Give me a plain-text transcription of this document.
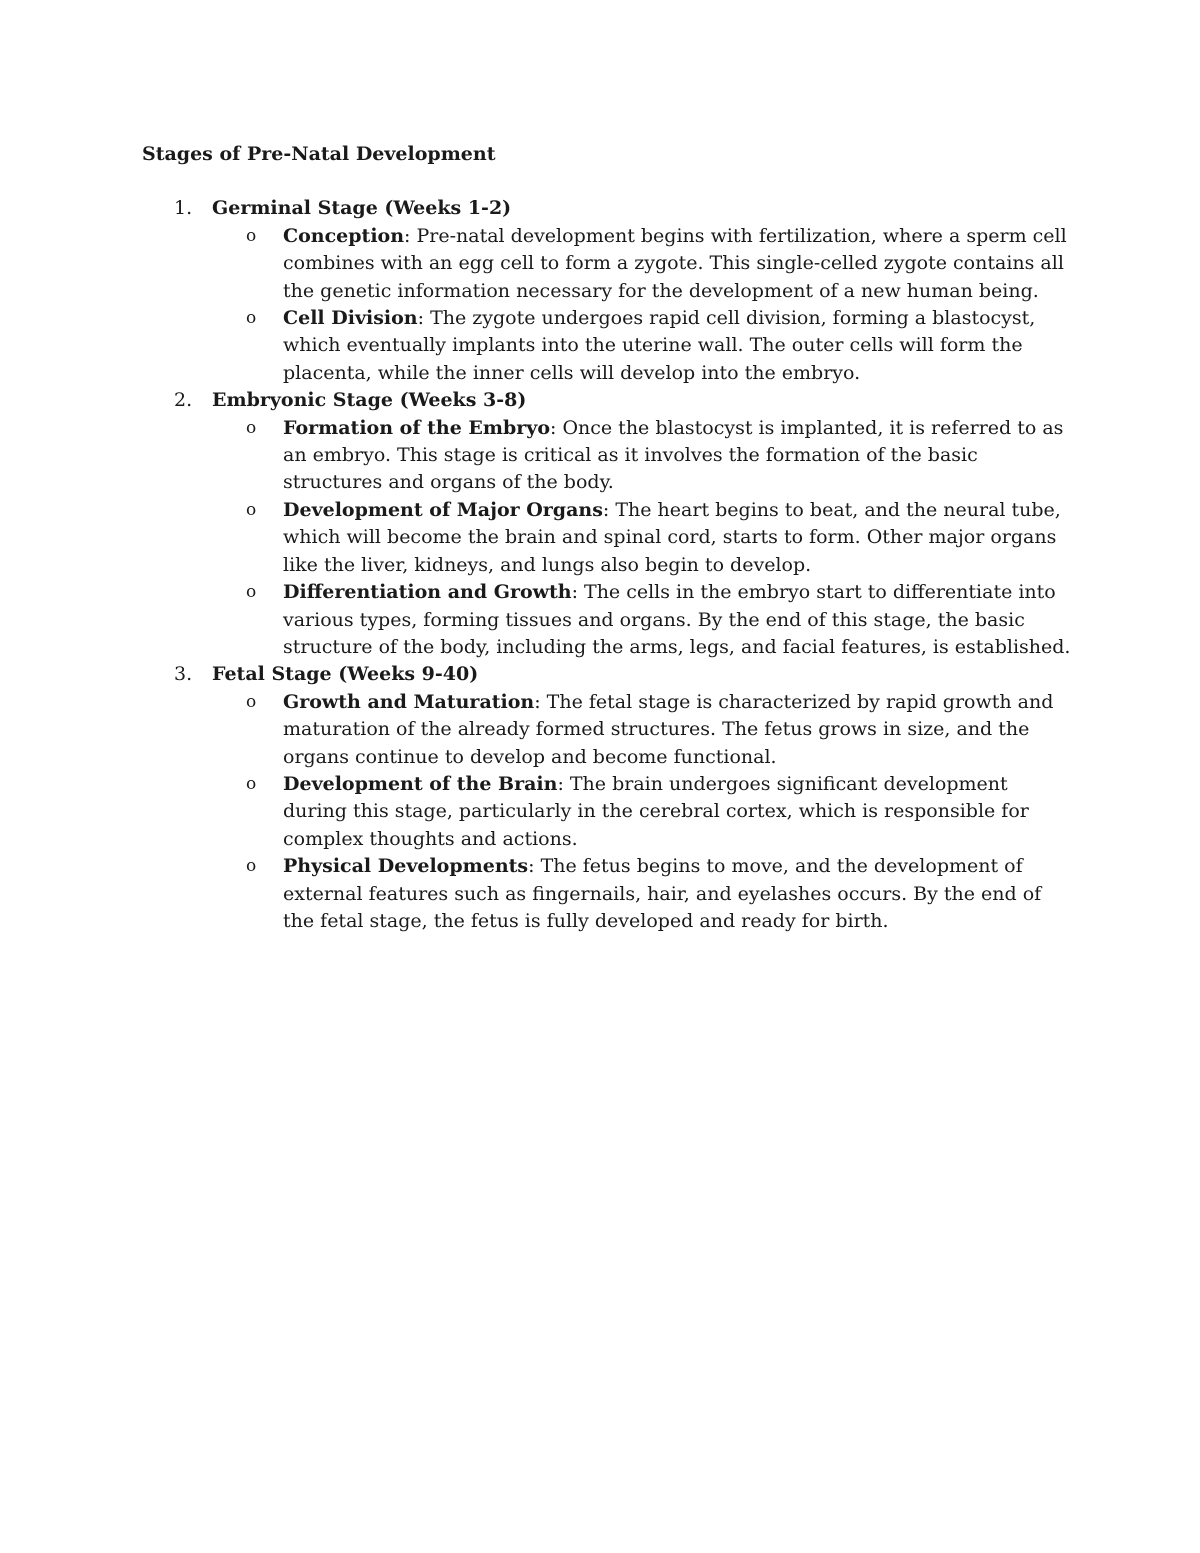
Stages of Pre-Natal Development
1. Germinal Stage (Weeks 1-2)
o Conception: Pre-natal development begins with fertilization, where a sperm cell combines with an egg cell to form a zygote. This single-celled zygote contains all the genetic information necessary for the development of a new human being.
o Cell Division: The zygote undergoes rapid cell division, forming a blastocyst, which eventually implants into the uterine wall. The outer cells will form the placenta, while the inner cells will develop into the embryo.
2. Embryonic Stage (Weeks 3-8)
o Formation of the Embryo: Once the blastocyst is implanted, it is referred to as an embryo. This stage is critical as it involves the formation of the basic structures and organs of the body.
o Development of Major Organs: The heart begins to beat, and the neural tube, which will become the brain and spinal cord, starts to form. Other major organs like the liver, kidneys, and lungs also begin to develop.
o Differentiation and Growth: The cells in the embryo start to differentiate into various types, forming tissues and organs. By the end of this stage, the basic structure of the body, including the arms, legs, and facial features, is established.
3. Fetal Stage (Weeks 9-40)
o Growth and Maturation: The fetal stage is characterized by rapid growth and maturation of the already formed structures. The fetus grows in size, and the organs continue to develop and become functional.
o Development of the Brain: The brain undergoes significant development during this stage, particularly in the cerebral cortex, which is responsible for complex thoughts and actions.
o Physical Developments: The fetus begins to move, and the development of external features such as fingernails, hair, and eyelashes occurs. By the end of the fetal stage, the fetus is fully developed and ready for birth.
